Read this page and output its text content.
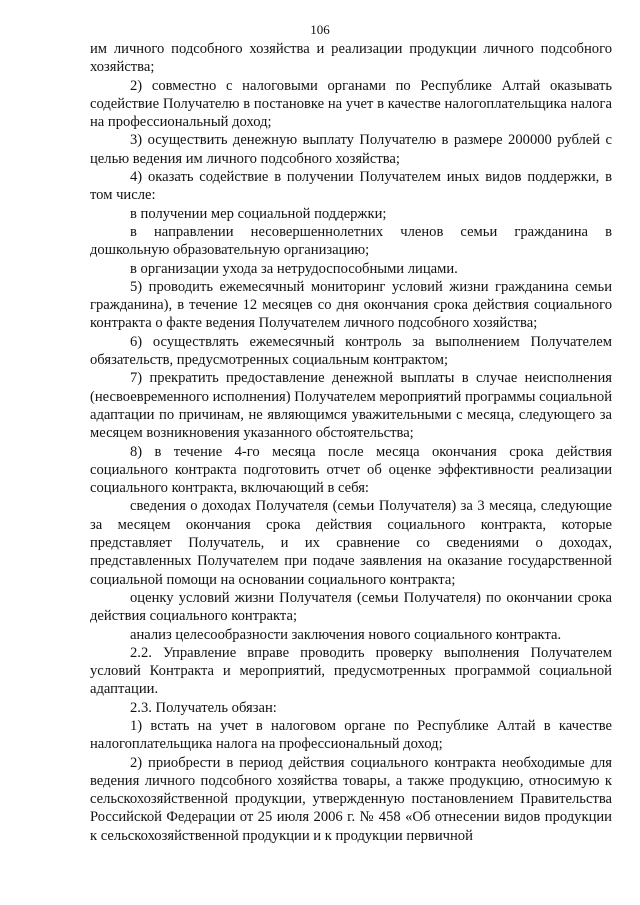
106

им личного подсобного хозяйства и реализации продукции личного подсобного хозяйства;

2) совместно с налоговыми органами по Республике Алтай оказывать содействие Получателю в постановке на учет в качестве налогоплательщика налога на профессиональный доход;

3) осуществить денежную выплату Получателю в размере 200000 рублей с целью ведения им личного подсобного хозяйства;

4) оказать содействие в получении Получателем иных видов поддержки, в том числе:

в получении мер социальной поддержки;

в направлении несовершеннолетних членов семьи гражданина в дошкольную образовательную организацию;

в организации ухода за нетрудоспособными лицами.

5) проводить ежемесячный мониторинг условий жизни гражданина семьи гражданина), в течение 12 месяцев со дня окончания срока действия социального контракта о факте ведения Получателем личного подсобного хозяйства;

6) осуществлять ежемесячный контроль за выполнением Получателем обязательств, предусмотренных социальным контрактом;

7) прекратить предоставление денежной выплаты в случае неисполнения (несвоевременного исполнения) Получателем мероприятий программы социальной адаптации по причинам, не являющимся уважительными с месяца, следующего за месяцем возникновения указанного обстоятельства;

8) в течение 4-го месяца после месяца окончания срока действия социального контракта подготовить отчет об оценке эффективности реализации социального контракта, включающий в себя:

сведения о доходах Получателя (семьи Получателя) за 3 месяца, следующие за месяцем окончания срока действия социального контракта, которые представляет Получатель, и их сравнение со сведениями о доходах, представленных Получателем при подаче заявления на оказание государственной социальной помощи на основании социального контракта;

оценку условий жизни Получателя (семьи Получателя) по окончании срока действия социального контракта;

анализ целесообразности заключения нового социального контракта.

2.2. Управление вправе проводить проверку выполнения Получателем условий Контракта и мероприятий, предусмотренных программой социальной адаптации.

2.3. Получатель обязан:

1) встать на учет в налоговом органе по Республике Алтай в качестве налогоплательщика налога на профессиональный доход;

2) приобрести в период действия социального контракта необходимые для ведения личного подсобного хозяйства товары, а также продукцию, относимую к сельскохозяйственной продукции, утвержденную постановлением Правительства Российской Федерации от 25 июля 2006 г. № 458 «Об отнесении видов продукции к сельскохозяйственной продукции и к продукции первичной
